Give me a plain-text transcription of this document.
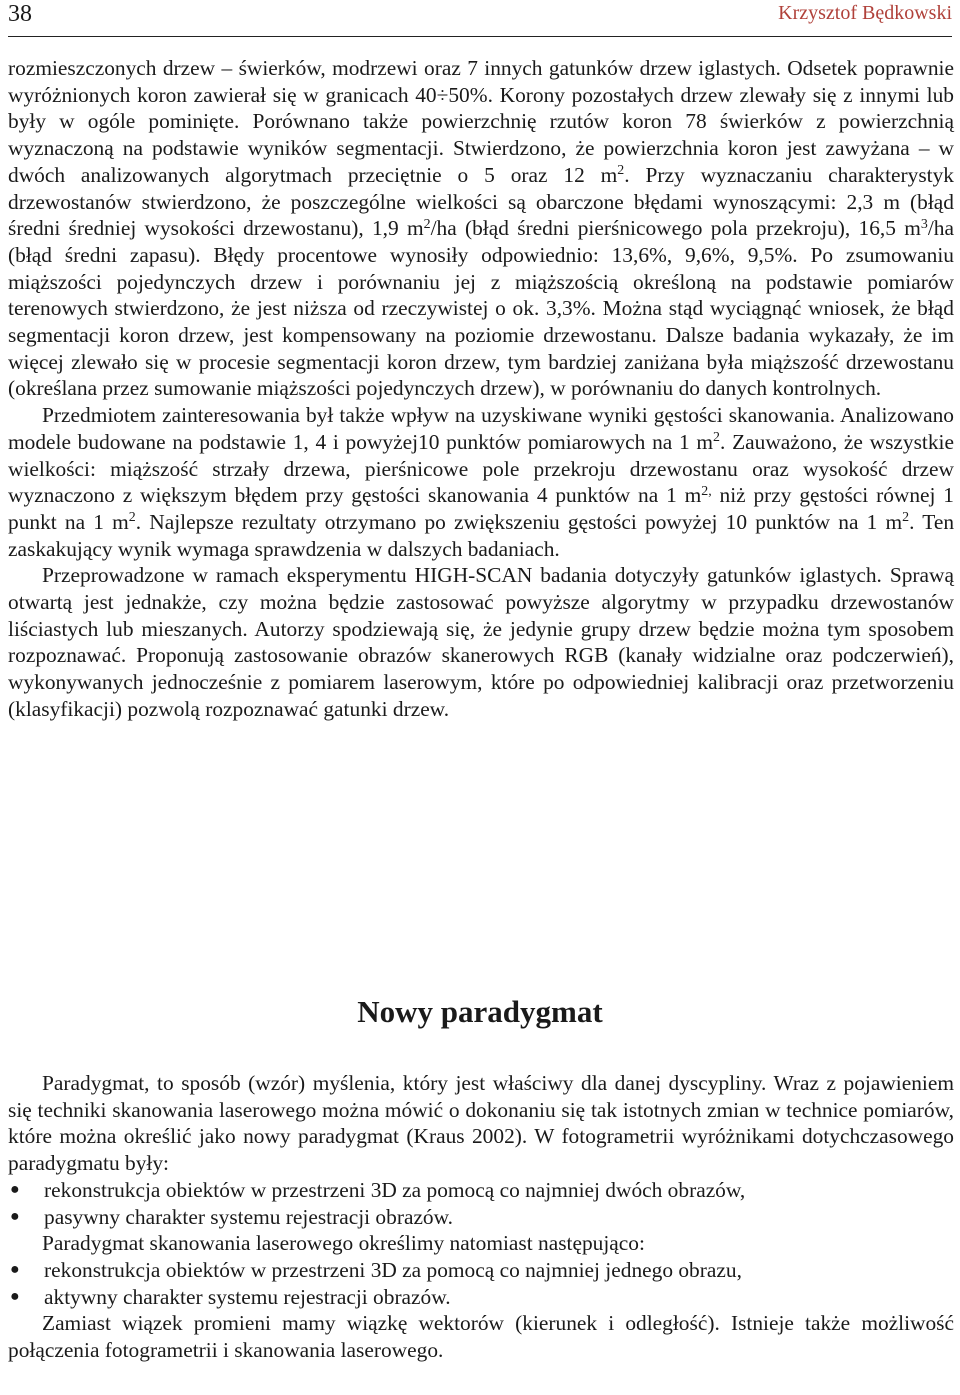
38	Krzysztof Będkowski

rozmieszczonych drzew – świerków, modrzewi oraz 7 innych gatunków drzew iglastych. Odsetek poprawnie wyróżnionych koron zawierał się w granicach 40÷50%. Korony pozostałych drzew zlewały się z innymi lub były w ogóle pominięte. Porównano także powierzchnię rzutów koron 78 świerków z powierzchnią wyznaczoną na podstawie wyników segmentacji. Stwierdzono, że powierzchnia koron jest zawyżana – w dwóch analizowanych algorytmach przeciętnie o 5 oraz 12 $m^2$. Przy wyznaczaniu charakterystyk drzewostanów stwierdzono, że poszczególne wielkości są obarczone błędami wynoszącymi: 2,3 m (błąd średni średniej wysokości drzewostanu), 1,9 $m^2/ha$ (błąd średni pierśnicowego pola przekroju), 16,5 $m^3/ha$ (błąd średni zapasu). Błędy procentowe wynosiły odpowiednio: 13,6%, 9,6%, 9,5%. Po zsumowaniu miąższości pojedynczych drzew i porównaniu jej z miąższością określoną na podstawie pomiarów terenowych stwierdzono, że jest niższa od rzeczywistej o ok. 3,3%. Można stąd wyciągnąć wniosek, że błąd segmentacji koron drzew, jest kompensowany na poziomie drzewostanu. Dalsze badania wykazały, że im więcej zlewało się w procesie segmentacji koron drzew, tym bardziej zaniżana była miąższość drzewostanu (określana przez sumowanie miąższości pojedynczych drzew), w porównaniu do danych kontrolnych.

Przedmiotem zainteresowania był także wpływ na uzyskiwane wyniki gęstości skanowania. Analizowano modele budowane na podstawie 1, 4 i powyżej10 punktów pomiarowych na 1 $m^2$. Zauważono, że wszystkie wielkości: miąższość strzały drzewa, pierśnicowe pole przekroju drzewostanu oraz wysokość drzew wyznaczono z większym błędem przy gęstości skanowania 4 punktów na 1 $m^{2,}$ niż przy gęstości równej 1 punkt na 1 $m^2$. Najlepsze rezultaty otrzymano po zwiększeniu gęstości powyżej 10 punktów na 1 $m^2$. Ten zaskakujący wynik wymaga sprawdzenia w dalszych badaniach.

Przeprowadzone w ramach eksperymentu HIGH-SCAN badania dotyczyły gatunków iglastych. Sprawą otwartą jest jednakże, czy można będzie zastosować powyższe algorytmy w przypadku drzewostanów liściastych lub mieszanych. Autorzy spodziewają się, że jedynie grupy drzew będzie można tym sposobem rozpoznawać. Proponują zastosowanie obrazów skanerowych RGB (kanały widzialne oraz podczerwień), wykonywanych jednocześnie z pomiarem laserowym, które po odpowiedniej kalibracji oraz przetworzeniu (klasyfikacji) pozwolą rozpoznawać gatunki drzew.

Nowy paradygmat

Paradygmat, to sposób (wzór) myślenia, który jest właściwy dla danej dyscypliny. Wraz z pojawieniem się techniki skanowania laserowego można mówić o dokonaniu się tak istotnych zmian w technice pomiarów, które można określić jako nowy paradygmat (Kraus 2002). W fotogrametrii wyróżnikami dotychczasowego paradygmatu były:

●	rekonstrukcja obiektów w przestrzeni 3D za pomocą co najmniej dwóch obrazów,
●	pasywny charakter systemu rejestracji obrazów.

Paradygmat skanowania laserowego określimy natomiast następująco:

●	rekonstrukcja obiektów w przestrzeni 3D za pomocą co najmniej jednego obrazu,
●	aktywny charakter systemu rejestracji obrazów.

Zamiast wiązek promieni mamy wiązkę wektorów (kierunek i odległość). Istnieje także możliwość połączenia fotogrametrii i skanowania laserowego.
